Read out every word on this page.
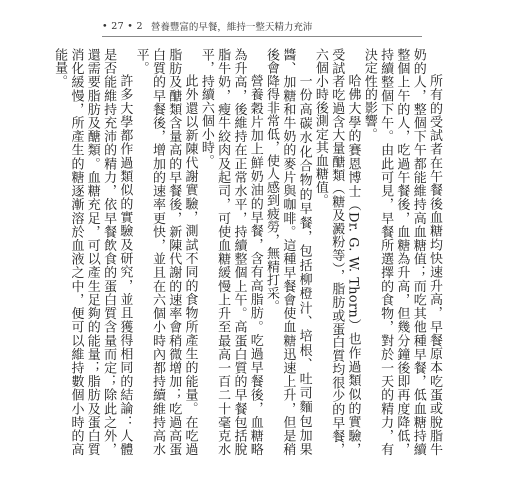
• 27 • 2 營養豐富的早餐，維持一整天精力充沛

所有的受試者在午餐後血糖均快速升高，早餐原本吃蛋或脫脂牛奶的人，整個下午都能維持高血糖值；而吃其他種早餐，低血糖持續整個上午的人，吃過午餐後，血糖為升高，但幾分鐘後即再度降低，持續整個下午。由此可見，早餐所選擇的食物，對於一天的精力，有決定性的影響。

哈佛大學的賽恩博士（Dr. G. W. Thorn）也作過類似的實驗，受試者吃過含大量醣類（糖及澱粉等），脂肪或蛋白質均很少的早餐，六個小時後測定其血糖值。

一份高碳水化合物的早餐，包括柳橙汁、培根、吐司麵包加果醬、加糖和牛奶的麥片與咖啡。這種早餐會使血糖迅速上升，但是稍後會降得非常低，使人感到疲勞，無精打采。

營養穀片加上鮮奶油的早餐，含有高脂肪。吃過早餐後，血糖略為升高，後維持在正常水平，持續整個上午。高蛋白質的早餐包括脫脂牛奶，瘦牛絞肉及起司，可使血糖緩慢上升至最高一百二十毫克水平，持續六個小時。

此外還以新陳代謝實驗，測試不同的食物所產生的能量。在吃過脂肪及醣類含量高的早餐後，新陳代謝的速率會稍微增加；吃過高蛋白質的早餐後，增加的速率更快，並且在六個小時內都持續維持高水平。

許多大學都作過類似的實驗及研究，並且獲得相同的結論：人體是否能維持充沛的精力，依早餐飲食的蛋白質含量而定；除此之外，還需要脂肪及醣類。血糖充足，可以產生足夠的能量；脂肪及蛋白質消化緩慢，所產生的糖逐漸溶於血液之中，便可以維持數個小時的高能量。
